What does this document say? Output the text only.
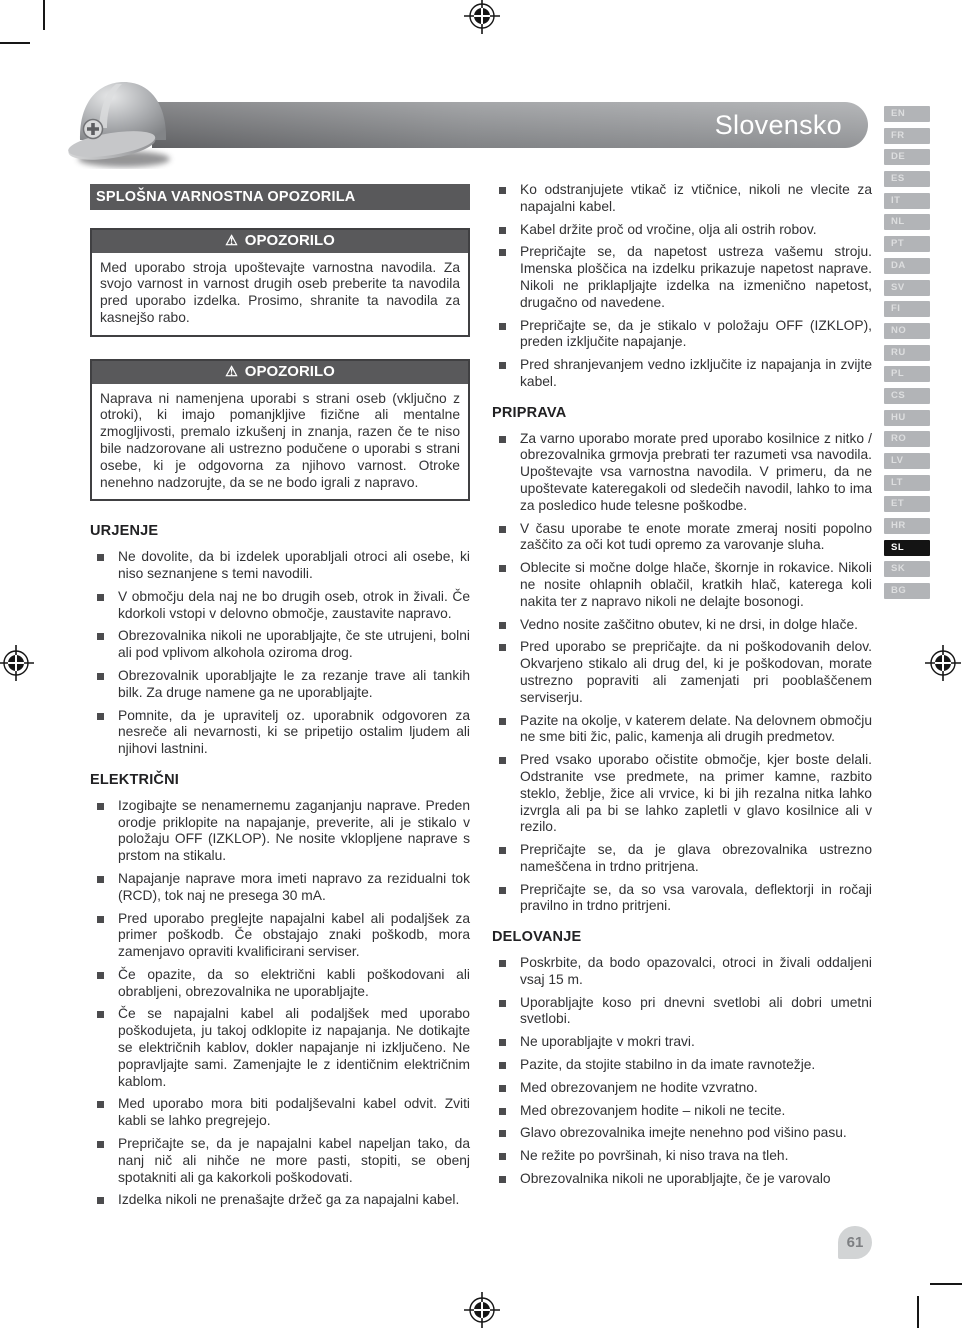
Slovensko	EN
FR
DE
ES
IT
NL
PT
DA
SV
FI
NO
RU
PL
CS
HU
RO
LV
LT
ET
HR
SL
SK
BG
SPLOŠNA VARNOSTNA OPOZORILA
⚠ OPOZORILO
Med uporabo stroja upoštevajte varnostna navodila. Za svojo varnost in varnost drugih oseb preberite ta navodila pred uporabo izdelka. Prosimo, shranite ta navodila za kasnejšo rabo.
⚠ OPOZORILO
Naprava ni namenjena uporabi s strani oseb (vključno z otroki), ki imajo pomanjkljive fizične ali mentalne zmogljivosti, premalo izkušenj in znanja, razen če te niso bile nadzorovane ali ustrezno podučene o uporabi s strani osebe, ki je odgovorna za njihovo varnost. Otroke nenehno nadzorujte, da se ne bodo igrali z napravo.
URJENJE
Ne dovolite, da bi izdelek uporabljali otroci ali osebe, ki niso seznanjene s temi navodili.
V območju dela naj ne bo drugih oseb, otrok in živali. Če kdorkoli vstopi v delovno območje, zaustavite napravo.
Obrezovalnika nikoli ne uporabljajte, če ste utrujeni, bolni ali pod vplivom alkohola oziroma drog.
Obrezovalnik uporabljajte le za rezanje trave ali tankih bilk. Za druge namene ga ne uporabljajte.
Pomnite, da je upravitelj oz. uporabnik odgovoren za nesreče ali nevarnosti, ki se pripetijo ostalim ljudem ali njihovi lastnini.
ELEKTRIČNI
Izogibajte se nenamernemu zaganjanju naprave. Preden orodje priklopite na napajanje, preverite, ali je stikalo v položaju OFF (IZKLOP). Ne nosite vklopljene naprave s prstom na stikalu.
Napajanje naprave mora imeti napravo za rezidualni tok (RCD), tok naj ne presega 30 mA.
Pred uporabo preglejte napajalni kabel ali podaljšek za primer poškodb. Če obstajajo znaki poškodb, mora zamenjavo opraviti kvalificirani serviser.
Če opazite, da so električni kabli poškodovani ali obrabljeni, obrezovalnika ne uporabljajte.
Če se napajalni kabel ali podaljšek med uporabo poškodujeta, ju takoj odklopite iz napajanja. Ne dotikajte se električnih kablov, dokler napajanje ni izključeno. Ne popravljajte sami. Zamenjajte le z identičnim električnim kablom.
Med uporabo mora biti podaljševalni kabel odvit. Zviti kabli se lahko pregrejejo.
Prepričajte se, da je napajalni kabel napeljan tako, da nanj nič ali nihče ne more pasti, stopiti, se obenj spotakniti ali ga kakorkoli poškodovati.
Izdelka nikoli ne prenašajte držeč ga za napajalni kabel.
Ko odstranjujete vtikač iz vtičnice, nikoli ne vlecite za napajalni kabel.
Kabel držite proč od vročine, olja ali ostrih robov.
Prepričajte se, da napetost ustreza vašemu stroju. Imenska ploščica na izdelku prikazuje napetost naprave. Nikoli ne priklapljajte izdelka na izmenično napetost, drugačno od navedene.
Prepričajte se, da je stikalo v položaju OFF (IZKLOP), preden izključite napajanje.
Pred shranjevanjem vedno izključite iz napajanja in zvijte kabel.
PRIPRAVA
Za varno uporabo morate pred uporabo kosilnice z nitko / obrezovalnika grmovja prebrati ter razumeti vsa navodila. Upoštevajte vsa varnostna navodila. V primeru, da ne upoštevate kateregakoli od sledečih navodil, lahko to ima za posledico hude telesne poškodbe.
V času uporabe te enote morate zmeraj nositi popolno zaščito za oči kot tudi opremo za varovanje sluha.
Oblecite si močne dolge hlače, škornje in rokavice. Nikoli ne nosite ohlapnih oblačil, kratkih hlač, katerega koli nakita ter z napravo nikoli ne delajte bosonogi.
Vedno nosite zaščitno obutev, ki ne drsi, in dolge hlače.
Pred uporabo se prepričajte. da ni poškodovanih delov. Okvarjeno stikalo ali drug del, ki je poškodovan, morate ustrezno popraviti ali zamenjati pri pooblaščenem serviserju.
Pazite na okolje, v katerem delate. Na delovnem območju ne sme biti žic, palic, kamenja ali drugih predmetov.
Pred vsako uporabo očistite območje, kjer boste delali. Odstranite vse predmete, na primer kamne, razbito steklo, žeblje, žice ali vrvice, ki bi jih rezalna nitka lahko izvrgla ali pa bi se lahko zapletli v glavo kosilnice ali v rezilo.
Prepričajte se, da je glava obrezovalnika ustrezno nameščena in trdno pritrjena.
Prepričajte se, da so vsa varovala, deflektorji in ročaji pravilno in trdno pritrjeni.
DELOVANJE
Poskrbite, da bodo opazovalci, otroci in živali oddaljeni vsaj 15 m.
Uporabljajte koso pri dnevni svetlobi ali dobri umetni svetlobi.
Ne uporabljajte v mokri travi.
Pazite, da stojite stabilno in da imate ravnotežje.
Med obrezovanjem ne hodite vzvratno.
Med obrezovanjem hodite – nikoli ne tecite.
Glavo obrezovalnika imejte nenehno pod višino pasu.
Ne režite po površinah, ki niso trava na tleh.
Obrezovalnika nikoli ne uporabljajte, če je varovalo
61
